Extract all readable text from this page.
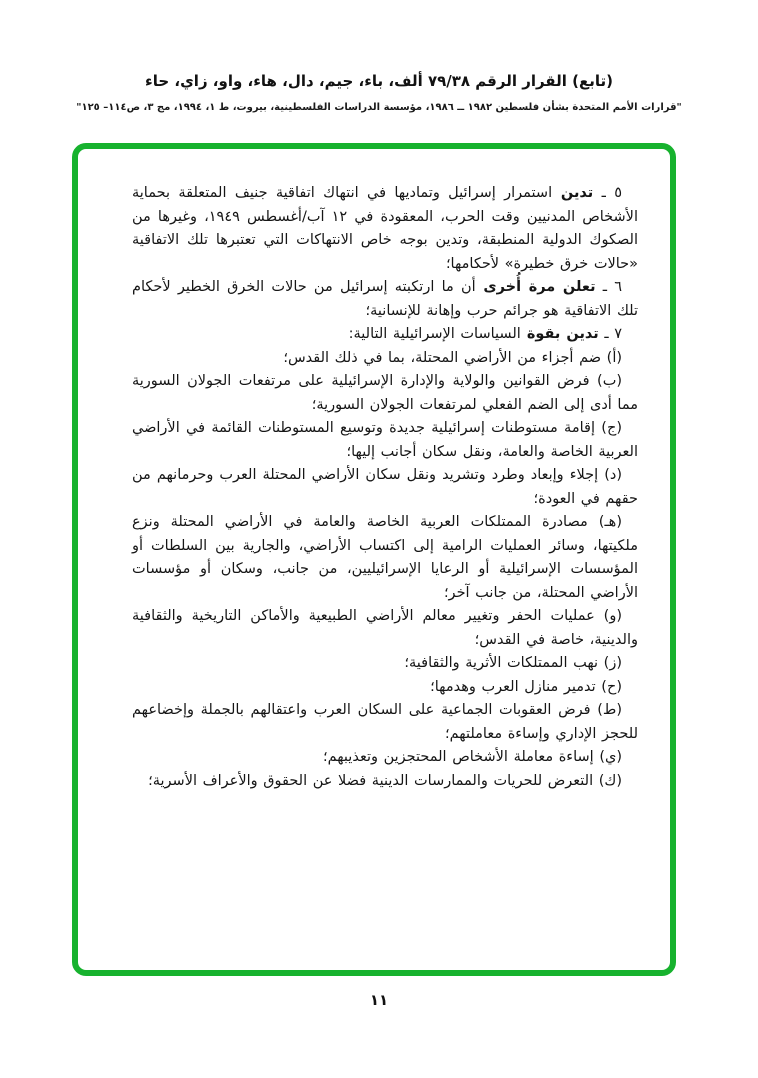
(تابع) القرار الرقم ٧٩/٣٨ ألف، باء، جيم، دال، هاء، واو، زاي، حاء
"قرارات الأمم المتحدة بشأن فلسطين ١٩٨٢ ــ ١٩٨٦، مؤسسة الدراسات الفلسطينية، بيروت، ط ١، ١٩٩٤، مج ٣، ص١١٤– ١٢٥"

٥ ـ تدين استمرار إسرائيل وتماديها في انتهاك اتفاقية جنيف المتعلقة بحماية الأشخاص المدنيين وقت الحرب، المعقودة في ١٢ آب/أغسطس ١٩٤٩، وغيرها من الصكوك الدولية المنطبقة، وتدين بوجه خاص الانتهاكات التي تعتبرها تلك الاتفاقية «حالات خرق خطيرة» لأحكامها؛

٦ ـ تعلن مرة أُخرى أن ما ارتكبته إسرائيل من حالات الخرق الخطير لأحكام تلك الاتفاقية هو جرائم حرب وإهانة للإنسانية؛

٧ ـ تدين بقوة السياسات الإسرائيلية التالية:

(أ) ضم أجزاء من الأراضي المحتلة، بما في ذلك القدس؛

(ب) فرض القوانين والولاية والإدارة الإسرائيلية على مرتفعات الجولان السورية مما أدى إلى الضم الفعلي لمرتفعات الجولان السورية؛

(ج) إقامة مستوطنات إسرائيلية جديدة وتوسيع المستوطنات القائمة في الأراضي العربية الخاصة والعامة، ونقل سكان أجانب إليها؛

(د) إجلاء وإبعاد وطرد وتشريد ونقل سكان الأراضي المحتلة العرب وحرمانهم من حقهم في العودة؛

(هـ) مصادرة الممتلكات العربية الخاصة والعامة في الأراضي المحتلة ونزع ملكيتها، وسائر العمليات الرامية إلى اكتساب الأراضي، والجارية بين السلطات أو المؤسسات الإسرائيلية أو الرعايا الإسرائيليين، من جانب، وسكان أو مؤسسات الأراضي المحتلة، من جانب آخر؛

(و) عمليات الحفر وتغيير معالم الأراضي الطبيعية والأماكن التاريخية والثقافية والدينية، خاصة في القدس؛

(ز) نهب الممتلكات الأثرية والثقافية؛

(ح) تدمير منازل العرب وهدمها؛

(ط) فرض العقوبات الجماعية على السكان العرب واعتقالهم بالجملة وإخضاعهم للحجز الإداري وإساءة معاملتهم؛

(ي) إساءة معاملة الأشخاص المحتجزين وتعذيبهم؛

(ك) التعرض للحريات والممارسات الدينية فضلا عن الحقوق والأعراف الأسرية؛

١١
